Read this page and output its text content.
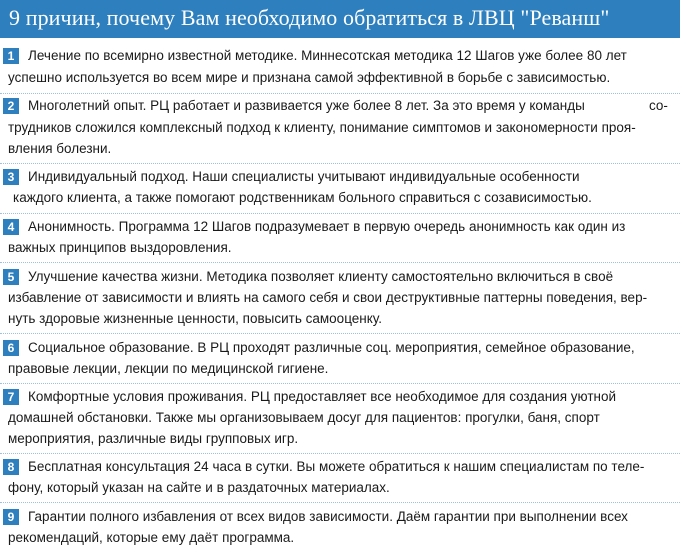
9 причин, почему Вам необходимо обратиться в ЛВЦ "Реванш"
1	Лечение по всемирно известной методике. Миннесотская методика 12 Шагов уже более 80 лет
успешно используется во всем мире и признана самой эффективной в борьбе с зависимостью.
2	Многолетний опыт. РЦ работает и развивается уже более 8 лет. За это время у команды	со-
трудников сложился комплексный подход к клиенту, понимание симптомов и закономерности проя-
вления болезни.
3	Индивидуальный подход. Наши специалисты учитывают индивидуальные особенности
каждого клиента, а также помогают родственникам больного справиться с созависимостью.
4	Анонимность. Программа 12 Шагов подразумевает в первую очередь анонимность как один из
важных принципов выздоровления.
5	Улучшение качества жизни. Методика позволяет клиенту самостоятельно включиться в своё
избавление от зависимости и влиять на самого себя и свои деструктивные паттерны поведения, вер-
нуть здоровые жизненные ценности, повысить самооценку.
6	Социальное образование. В РЦ проходят различные соц. мероприятия, семейное образование,
правовые лекции, лекции по медицинской гигиене.
7	Комфортные условия проживания. РЦ предоставляет все необходимое для создания уютной
домашней обстановки. Также мы организовываем досуг для пациентов: прогулки, баня, спорт
мероприятия, различные виды групповых игр.
8	Бесплатная консультация 24 часа в сутки. Вы можете обратиться к нашим специалистам по теле-
фону, который указан на сайте и в раздаточных материалах.
9	Гарантии полного избавления от всех видов зависимости. Даём гарантии при выполнении всех
рекомендаций, которые ему даёт программа.
